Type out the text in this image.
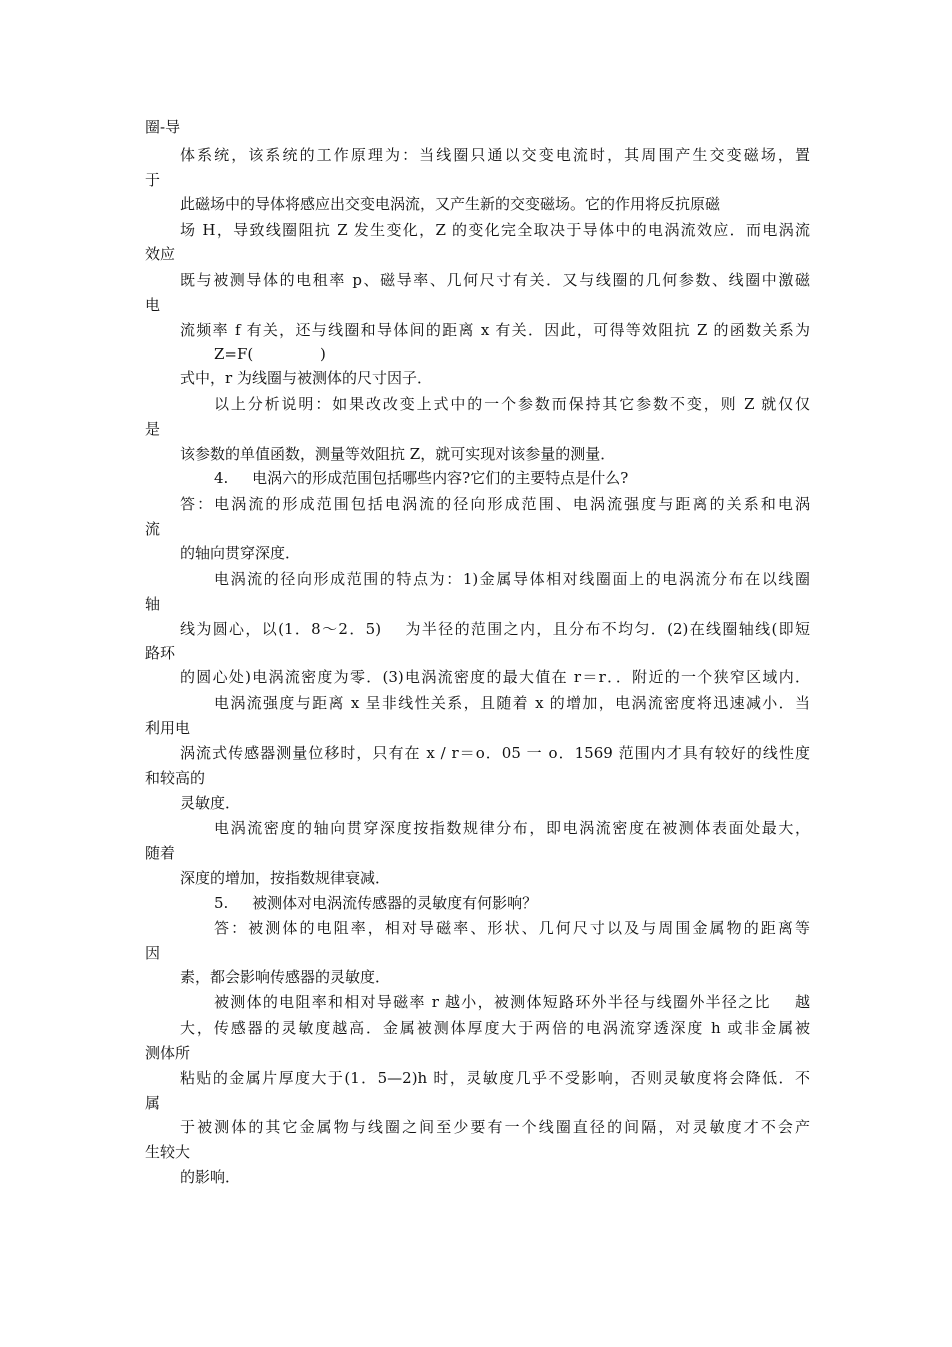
圈-导
体系统，该系统的工作原理为：当线圈只通以交变电流时，其周围产生交变磁场，置
于
此磁场中的导体将感应出交变电涡流，又产生新的交变磁场。它的作用将反抗原磁
场 H，导致线圈阻抗 Z 发生变化，Z 的变化完全取决于导体中的电涡流效应．而电涡流
效应
既与被测导体的电租率 p、磁导率、几何尺寸有关．又与线圈的几何参数、线圈中激磁
电
流频率 f 有关，还与线圈和导体间的距离 x 有关．因此，可得等效阻抗 Z 的函数关系为
Z=F(              )
式中，r 为线圈与被测体的尺寸因子．
以上分析说明：如果改改变上式中的一个参数而保持其它参数不变，则 Z 就仅仅
是
该参数的单值函数，测量等效阻抗 Z，就可实现对该参量的测量．
4.     电涡六的形成范围包括哪些内容?它们的主要特点是什么?
答：电涡流的形成范围包括电涡流的径向形成范围、电涡流强度与距离的关系和电涡
流
的轴向贯穿深度．
电涡流的径向形成范围的特点为：1)金属导体相对线圈面上的电涡流分布在以线圈
轴
线为圆心，以(1．8～2．5)    为半径的范围之内，且分布不均匀．(2)在线圈轴线(即短
路环
的圆心处)电涡流密度为零．(3)电涡流密度的最大值在 r＝r．．附近的一个狭窄区域内．
电涡流强度与距离 x 呈非线性关系，且随着 x 的增加，电涡流密度将迅速减小．当
利用电
涡流式传感器测量位移时，只有在 x / r＝o．05 一 o．1569 范围内才具有较好的线性度
和较高的
灵敏度．
电涡流密度的轴向贯穿深度按指数规律分布，即电涡流密度在被测体表面处最大，
随着
深度的增加，按指数规律衰减．
5.     被测体对电涡流传感器的灵敏度有何影响？
答：被测体的电阻率，相对导磁率、形状、几何尺寸以及与周围金属物的距离等
因
素，都会影响传感器的灵敏度．
被测体的电阻率和相对导磁率 r 越小，被测体短路环外半径与线圈外半径之比    越
大，传感器的灵敏度越高．金属被测体厚度大于两倍的电涡流穿透深度 h 或非金属被
测体所
粘贴的金属片厚度大于(1．5—2)h 时，灵敏度几乎不受影响，否则灵敏度将会降低．不
属
于被测体的其它金属物与线圈之间至少要有一个线圈直径的间隔，对灵敏度才不会产
生较大
的影响．
